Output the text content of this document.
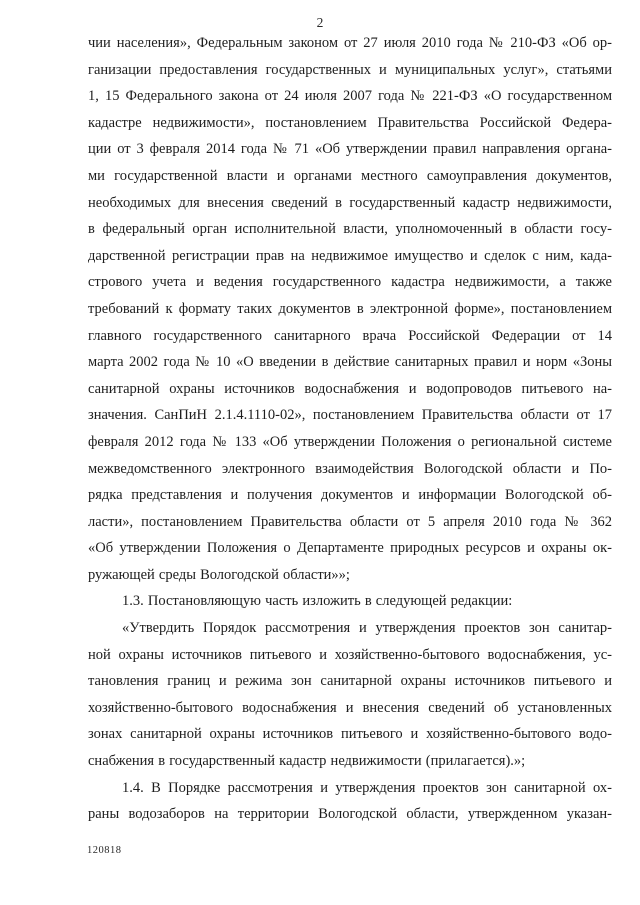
2
чии населения», Федеральным законом от 27 июля 2010 года № 210-ФЗ «Об ор-
ганизации предоставления государственных и муниципальных услуг», статьями
1, 15 Федерального закона от 24 июля 2007 года № 221-ФЗ «О государственном
кадастре недвижимости», постановлением Правительства Российской Федера-
ции от 3 февраля 2014 года № 71 «Об утверждении правил направления органа-
ми государственной власти и органами местного самоуправления документов,
необходимых для внесения сведений в государственный кадастр недвижимости,
в федеральный орган исполнительной власти, уполномоченный в области госу-
дарственной регистрации прав на недвижимое имущество и сделок с ним, када-
стрового учета и ведения государственного кадастра недвижимости, а также
требований к формату таких документов в электронной форме», постановлением
главного государственного санитарного врача Российской Федерации от 14
марта 2002 года № 10 «О введении в действие санитарных правил и норм «Зоны
санитарной охраны источников водоснабжения и водопроводов питьевого на-
значения. СанПиН 2.1.4.1110-02», постановлением Правительства области от 17
февраля 2012 года № 133 «Об утверждении Положения о региональной системе
межведомственного электронного взаимодействия Вологодской области и По-
рядка представления и получения документов и информации Вологодской об-
ласти», постановлением Правительства области от 5 апреля 2010 года № 362
«Об утверждении Положения о Департаменте природных ресурсов и охраны ок-
ружающей среды Вологодской области»»;
1.3. Постановляющую часть изложить в следующей редакции:
«Утвердить Порядок рассмотрения и утверждения проектов зон санитар-
ной охраны источников питьевого и хозяйственно-бытового водоснабжения, ус-
тановления границ и режима зон санитарной охраны источников питьевого и
хозяйственно-бытового водоснабжения и внесения сведений об установленных
зонах санитарной охраны источников питьевого и хозяйственно-бытового водо-
снабжения в государственный кадастр недвижимости (прилагается).»;
1.4. В Порядке рассмотрения и утверждения проектов зон санитарной ох-
раны водозаборов на территории Вологодской области, утвержденном указан-
120818
